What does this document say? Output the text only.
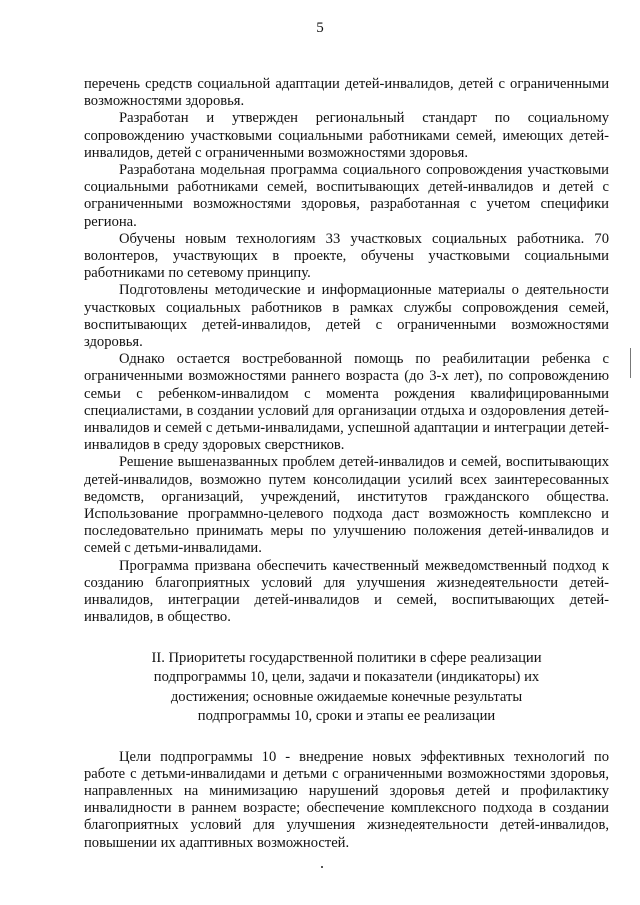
5

перечень средств социальной адаптации детей-инвалидов, детей с ограниченными возможностями здоровья.

Разработан и утвержден региональный стандарт по социальному сопровождению участковыми социальными работниками семей, имеющих детей-инвалидов, детей с ограниченными возможностями здоровья.

Разработана модельная программа социального сопровождения участковыми социальными работниками семей, воспитывающих детей-инвалидов и детей с ограниченными возможностями здоровья, разработанная с учетом специфики региона.

Обучены новым технологиям 33 участковых социальных работника. 70 волонтеров, участвующих в проекте, обучены участковыми социальными работниками по сетевому принципу.

Подготовлены методические и информационные материалы о деятельности участковых социальных работников в рамках службы сопровождения семей, воспитывающих детей-инвалидов, детей с ограниченными возможностями здоровья.

Однако остается востребованной помощь по реабилитации ребенка с ограниченными возможностями раннего возраста (до 3-х лет), по сопровождению семьи с ребенком-инвалидом с момента рождения квалифицированными специалистами, в создании условий для организации отдыха и оздоровления детей-инвалидов и семей с детьми-инвалидами, успешной адаптации и интеграции детей-инвалидов в среду здоровых сверстников.

Решение вышеназванных проблем детей-инвалидов и семей, воспитывающих детей-инвалидов, возможно путем консолидации усилий всех заинтересованных ведомств, организаций, учреждений, институтов гражданского общества. Использование программно-целевого подхода даст возможность комплексно и последовательно принимать меры по улучшению положения детей-инвалидов и семей с детьми-инвалидами.

Программа призвана обеспечить качественный межведомственный подход к созданию благоприятных условий для улучшения жизнедеятельности детей-инвалидов, интеграции детей-инвалидов и семей, воспитывающих детей-инвалидов, в общество.

II. Приоритеты государственной политики в сфере реализации
подпрограммы 10, цели, задачи и показатели (индикаторы) их
достижения; основные ожидаемые конечные результаты
подпрограммы 10, сроки и этапы ее реализации

Цели подпрограммы 10 - внедрение новых эффективных технологий по работе с детьми-инвалидами и детьми с ограниченными возможностями здоровья, направленных на минимизацию нарушений здоровья детей и профилактику инвалидности в раннем возрасте; обеспечение комплексного подхода в создании благоприятных условий для улучшения жизнедеятельности детей-инвалидов, повышении их адаптивных возможностей.
